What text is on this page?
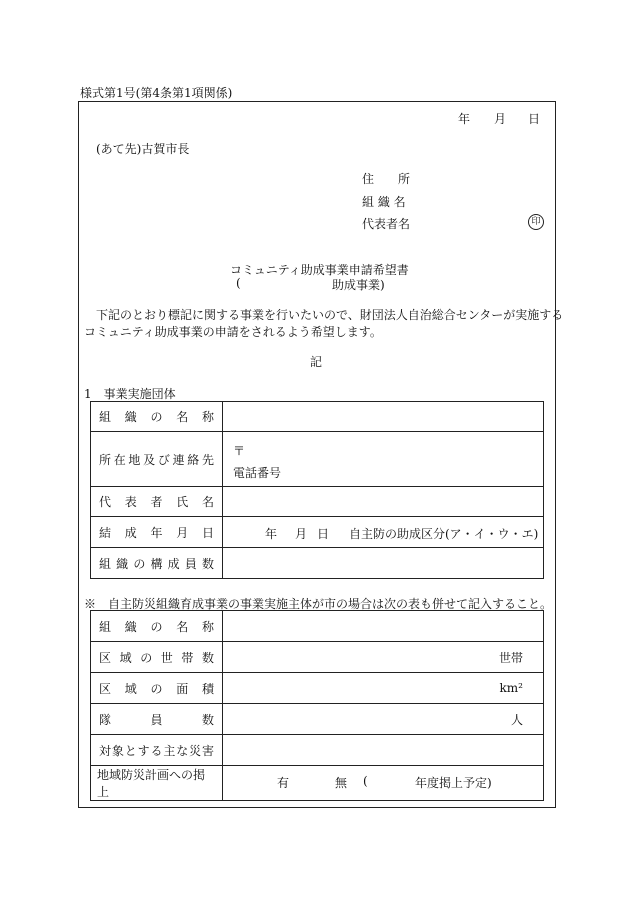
様式第1号(第4条第1項関係)
年 月 日
(あて先)古賀市長
住　　所
組 織 名
代表者名	印
コミュニティ助成事業申請希望書
(	助成事業)
下記のとおり標記に関する事業を行いたいので、財団法人自治総合センターが実施する
コミュニティ助成事業の申請をされるよう希望します。
記
1　事業実施団体
組織の名称	
所在地及び連絡先	〒
電話番号

代表者氏名	
結成年月日	年 月 日 自主防の助成区分(ア・イ・ウ・エ)

組織の構成員数	
※　自主防災組織育成事業の事業実施主体が市の場合は次の表も併せて記入すること。
組織の名称	
区域の世帯数	世帯
区域の面積	km²
隊員数	人
対象とする主な災害	
地域防災計画への掲上	有 無 ( 年度掲上予定)
